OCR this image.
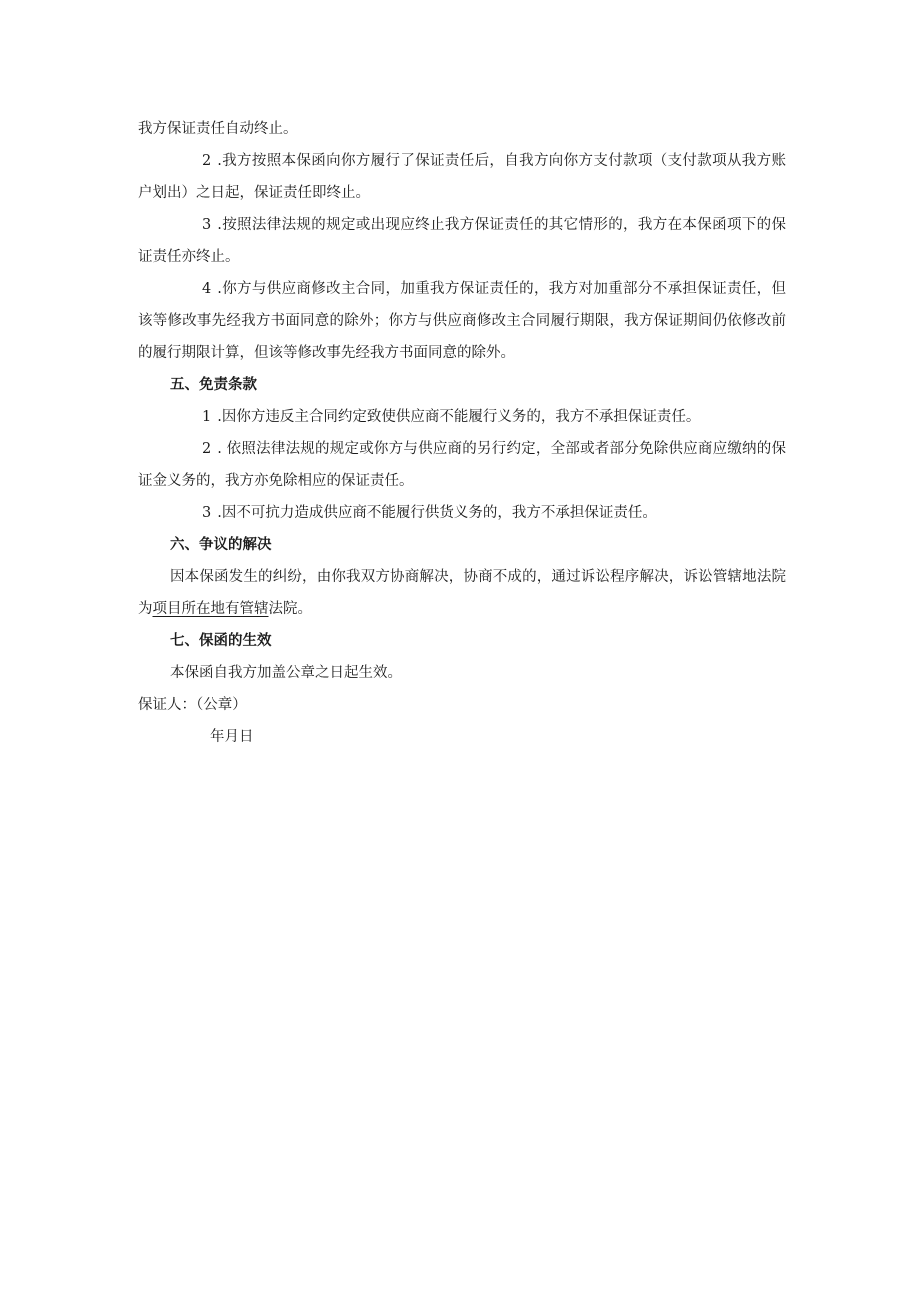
我方保证责任自动终止。

2 .我方按照本保函向你方履行了保证责任后，自我方向你方支付款项（支付款项从我方账户划出）之日起，保证责任即终止。

3 .按照法律法规的规定或出现应终止我方保证责任的其它情形的，我方在本保函项下的保证责任亦终止。

4 .你方与供应商修改主合同，加重我方保证责任的，我方对加重部分不承担保证责任，但该等修改事先经我方书面同意的除外；你方与供应商修改主合同履行期限，我方保证期间仍依修改前的履行期限计算，但该等修改事先经我方书面同意的除外。

五、免责条款

1 .因你方违反主合同约定致使供应商不能履行义务的，我方不承担保证责任。

2 . 依照法律法规的规定或你方与供应商的另行约定，全部或者部分免除供应商应缴纳的保证金义务的，我方亦免除相应的保证责任。

3 .因不可抗力造成供应商不能履行供货义务的，我方不承担保证责任。

六、争议的解决

因本保函发生的纠纷，由你我双方协商解决，协商不成的，通过诉讼程序解决，诉讼管辖地法院为项目所在地有管辖法院。

七、保函的生效

本保函自我方加盖公章之日起生效。

保证人：（公章）

年月日
